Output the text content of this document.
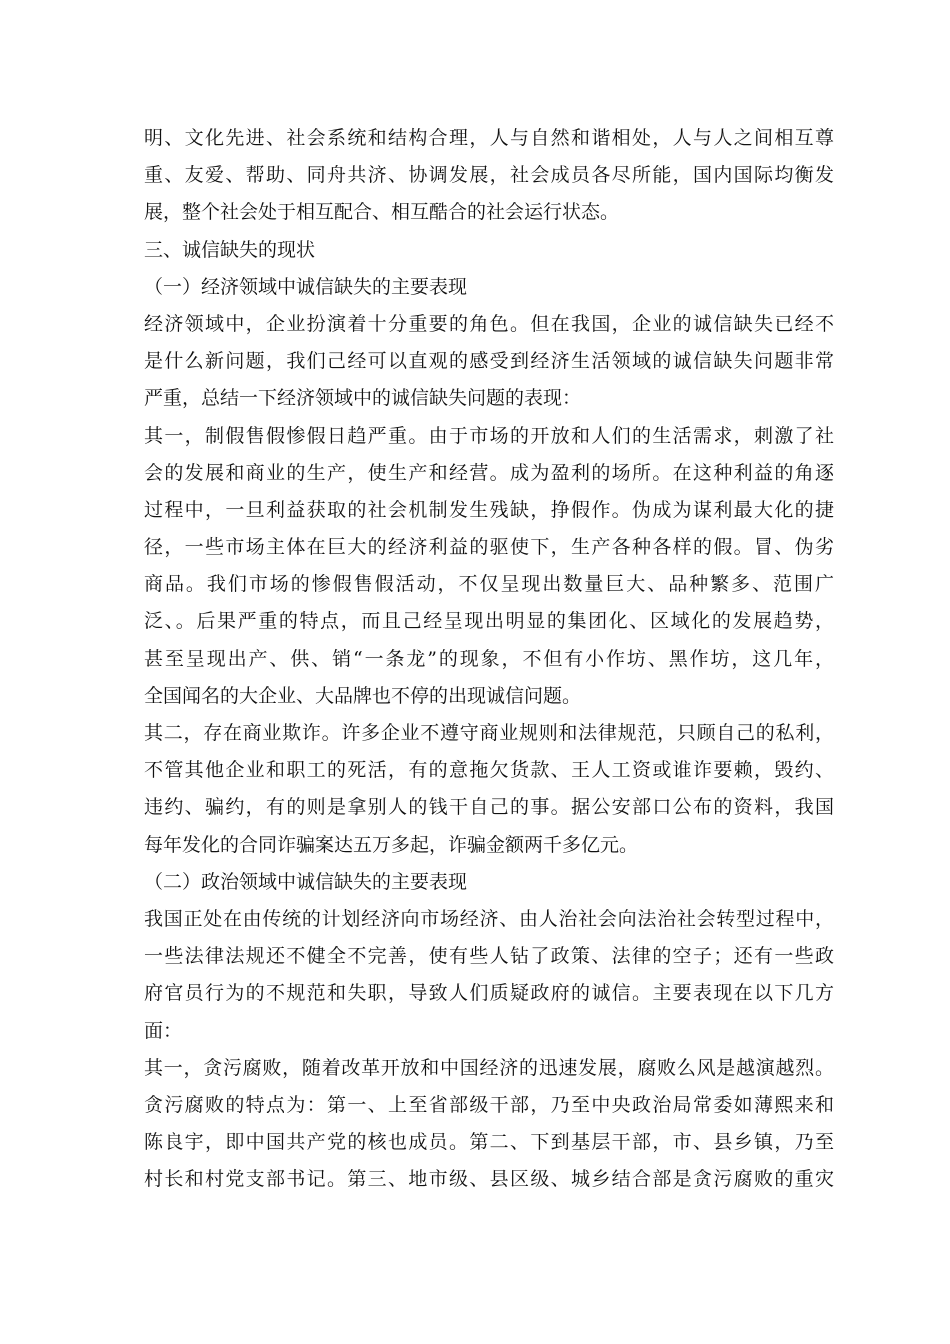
明、文化先进、社会系统和结构合理，人与自然和谐相处，人与人之间相互尊
重、友爱、帮助、同舟共济、协调发展，社会成员各尽所能，国内国际均衡发
展，整个社会处于相互配合、相互酷合的社会运行状态。
三、诚信缺失的现状
（一）经济领域中诚信缺失的主要表现
经济领域中，企业扮演着十分重要的角色。但在我国，企业的诚信缺失已经不
是什么新问题，我们己经可以直观的感受到经济生活领域的诚信缺失问题非常
严重，总结一下经济领域中的诚信缺失问题的表现：
其一，制假售假惨假日趋严重。由于市场的开放和人们的生活需求，刺激了社
会的发展和商业的生产，使生产和经营。成为盈利的场所。在这种利益的角逐
过程中，一旦利益获取的社会机制发生残缺，挣假作。伪成为谋利最大化的捷
径，一些市场主体在巨大的经济利益的驱使下，生产各种各样的假。冒、伪劣
商品。我们市场的惨假售假活动，不仅呈现出数量巨大、品种繁多、范围广
泛、。后果严重的特点，而且己经呈现出明显的集团化、区域化的发展趋势，
甚至呈现出产、供、销“一条龙”的现象，不但有小作坊、黑作坊，这几年，
全国闻名的大企业、大品牌也不停的出现诚信问题。
其二，存在商业欺诈。许多企业不遵守商业规则和法律规范，只顾自己的私利，
不管其他企业和职工的死活，有的意拖欠货款、王人工资或谁诈要赖，毁约、
违约、骗约，有的则是拿别人的钱干自己的事。据公安部口公布的资料，我国
每年发化的合同诈骗案达五万多起，诈骗金额两千多亿元。
（二）政治领域中诚信缺失的主要表现
我国正处在由传统的计划经济向市场经济、由人治社会向法治社会转型过程中，
一些法律法规还不健全不完善，使有些人钻了政策、法律的空子；还有一些政
府官员行为的不规范和失职，导致人们质疑政府的诚信。主要表现在以下几方
面：
其一，贪污腐败，随着改革开放和中国经济的迅速发展，腐败么风是越演越烈。
贪污腐败的特点为：第一、上至省部级干部，乃至中央政治局常委如薄熙来和
陈良宇，即中国共产党的核也成员。第二、下到基层干部，市、县乡镇，乃至
村长和村党支部书记。第三、地市级、县区级、城乡结合部是贪污腐败的重灾
